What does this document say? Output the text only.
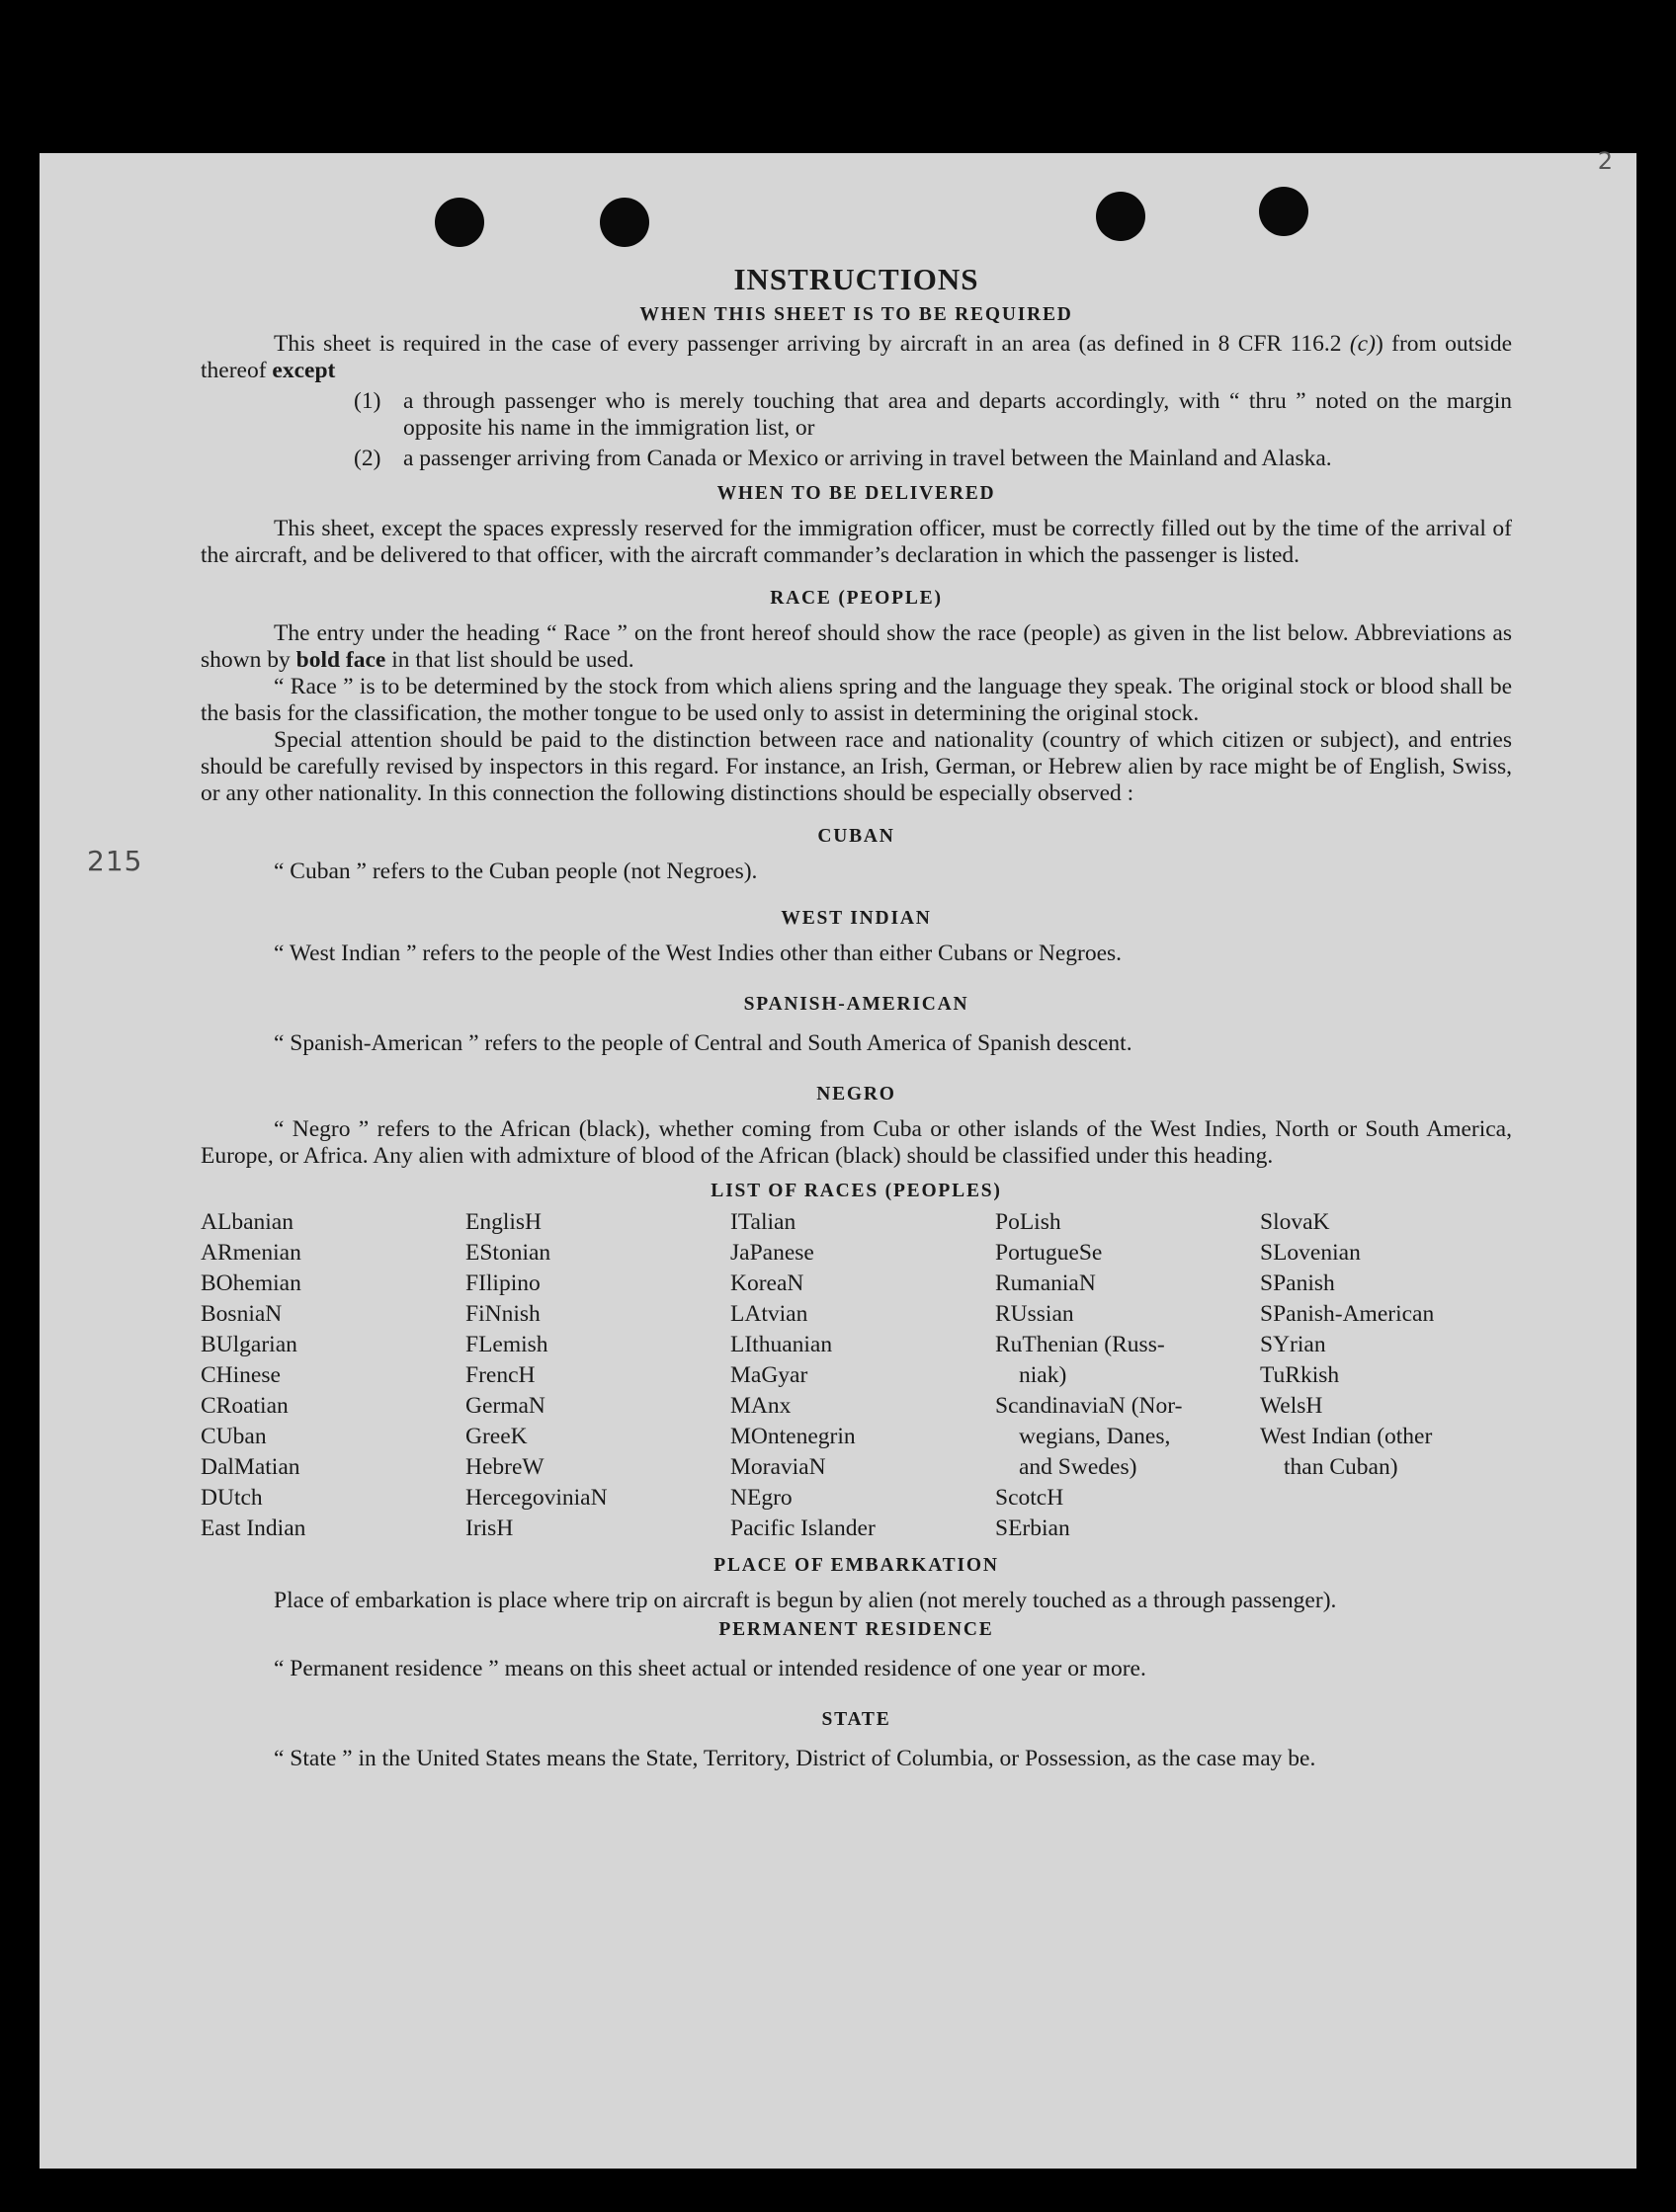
215
2
INSTRUCTIONS
WHEN THIS SHEET IS TO BE REQUIRED

This sheet is required in the case of every passenger arriving by aircraft in an area (as defined in 8 CFR 116.2 (c)) from outside thereof except

(1) a through passenger who is merely touching that area and departs accordingly, with “ thru ” noted on the margin opposite his name in the immigration list, or
(2) a passenger arriving from Canada or Mexico or arriving in travel between the Mainland and Alaska.
WHEN TO BE DELIVERED

This sheet, except the spaces expressly reserved for the immigration officer, must be correctly filled out by the time of the arrival of the aircraft, and be delivered to that officer, with the aircraft commander’s declaration in which the passenger is listed.

RACE (PEOPLE)

The entry under the heading “ Race ” on the front hereof should show the race (people) as given in the list below. Abbreviations as shown by bold face in that list should be used.

“ Race ” is to be determined by the stock from which aliens spring and the language they speak. The original stock or blood shall be the basis for the classification, the mother tongue to be used only to assist in determining the original stock.

Special attention should be paid to the distinction between race and nationality (country of which citizen or subject), and entries should be carefully revised by inspectors in this regard. For instance, an Irish, German, or Hebrew alien by race might be of English, Swiss, or any other nationality. In this connection the following distinctions should be especially observed :

CUBAN

“ Cuban ” refers to the Cuban people (not Negroes).

WEST INDIAN

“ West Indian ” refers to the people of the West Indies other than either Cubans or Negroes.

SPANISH-AMERICAN

“ Spanish-American ” refers to the people of Central and South America of Spanish descent.

NEGRO

“ Negro ” refers to the African (black), whether coming from Cuba or other islands of the West Indies, North or South America, Europe, or Africa. Any alien with admixture of blood of the African (black) should be classified under this heading.

LIST OF RACES (PEOPLES)
ALbanian
ARmenian
BOhemian
BosniaN
BUlgarian
CHinese
CRoatian
CUban
DalMatian
DUtch
East Indian
EnglisH
EStonian
FIlipino
FiNnish
FLemish
FrencH
GermaN
GreeK
HebreW
HercegoviniaN
IrisH
ITalian
JaPanese
KoreaN
LAtvian
LIthuanian
MaGyar
MAnx
MOntenegrin
MoraviaN
NEgro
Pacific Islander
PoLish
PortugueSe
RumaniaN
RUssian
RuThenian (Russ-
niak)
ScandinaviaN (Nor-
wegians, Danes,
and Swedes)
ScotcH
SErbian
SlovaK
SLovenian
SPanish
SPanish-American
SYrian
TuRkish
WelsH
West Indian (other
than Cuban)
PLACE OF EMBARKATION

Place of embarkation is place where trip on aircraft is begun by alien (not merely touched as a through passenger).

PERMANENT RESIDENCE

“ Permanent residence ” means on this sheet actual or intended residence of one year or more.

STATE

“ State ” in the United States means the State, Territory, District of Columbia, or Possession, as the case may be.
